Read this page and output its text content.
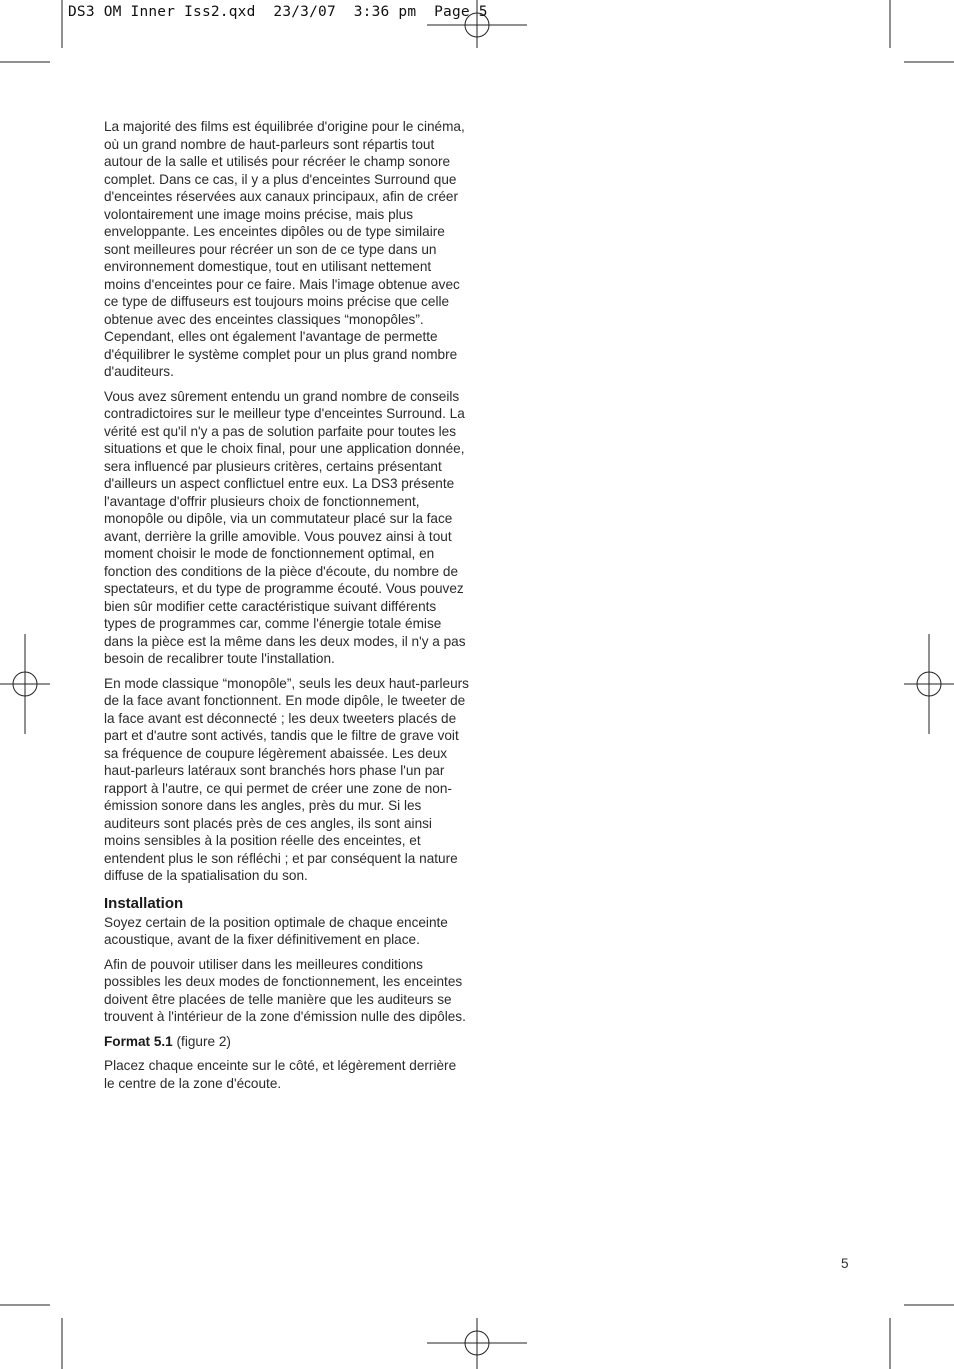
DS3 OM Inner Iss2.qxd  23/3/07  3:36 pm  Page 5

La majorité des films est équilibrée d'origine pour le cinéma, où un grand nombre de haut-parleurs sont répartis tout autour de la salle et utilisés pour récréer le champ sonore complet. Dans ce cas, il y a plus d'enceintes Surround que d'enceintes réservées aux canaux principaux, afin de créer volontairement une image moins précise, mais plus enveloppante. Les enceintes dipôles ou de type similaire sont meilleures pour récréer un son de ce type dans un environnement domestique, tout en utilisant nettement moins d'enceintes pour ce faire. Mais l'image obtenue avec ce type de diffuseurs est toujours moins précise que celle obtenue avec des enceintes classiques “monopôles”. Cependant, elles ont également l'avantage de permette d'équilibrer le système complet pour un plus grand nombre d'auditeurs.

Vous avez sûrement entendu un grand nombre de conseils contradictoires sur le meilleur type d'enceintes Surround. La vérité est qu'il n'y a pas de solution parfaite pour toutes les situations et que le choix final, pour une application donnée, sera influencé par plusieurs critères, certains présentant d'ailleurs un aspect conflictuel entre eux. La DS3 présente l'avantage d'offrir plusieurs choix de fonctionnement, monopôle ou dipôle, via un commutateur placé sur la face avant, derrière la grille amovible. Vous pouvez ainsi à tout moment choisir le mode de fonctionnement optimal, en fonction des conditions de la pièce d'écoute, du nombre de spectateurs, et du type de programme écouté. Vous pouvez bien sûr modifier cette caractéristique suivant différents types de programmes car, comme l'énergie totale émise dans la pièce est la même dans les deux modes, il n'y a pas besoin de recalibrer toute l'installation.

En mode classique “monopôle”, seuls les deux haut-parleurs de la face avant fonctionnent. En mode dipôle, le tweeter de la face avant est déconnecté ; les deux tweeters placés de part et d'autre sont activés, tandis que le filtre de grave voit sa fréquence de coupure légèrement abaissée. Les deux haut-parleurs latéraux sont branchés hors phase l'un par rapport à l'autre, ce qui permet de créer une zone de non-émission sonore dans les angles, près du mur. Si les auditeurs sont placés près de ces angles, ils sont ainsi moins sensibles à la position réelle des enceintes, et entendent plus le son réfléchi ; et par conséquent la nature diffuse de la spatialisation du son.

Installation

Soyez certain de la position optimale de chaque enceinte acoustique, avant de la fixer définitivement en place.

Afin de pouvoir utiliser dans les meilleures conditions possibles les deux modes de fonctionnement, les enceintes doivent être placées de telle manière que les auditeurs se trouvent à l'intérieur de la zone d'émission nulle des dipôles.

Format 5.1 (figure 2)

Placez chaque enceinte sur le côté, et légèrement derrière le centre de la zone d'écoute.

5
